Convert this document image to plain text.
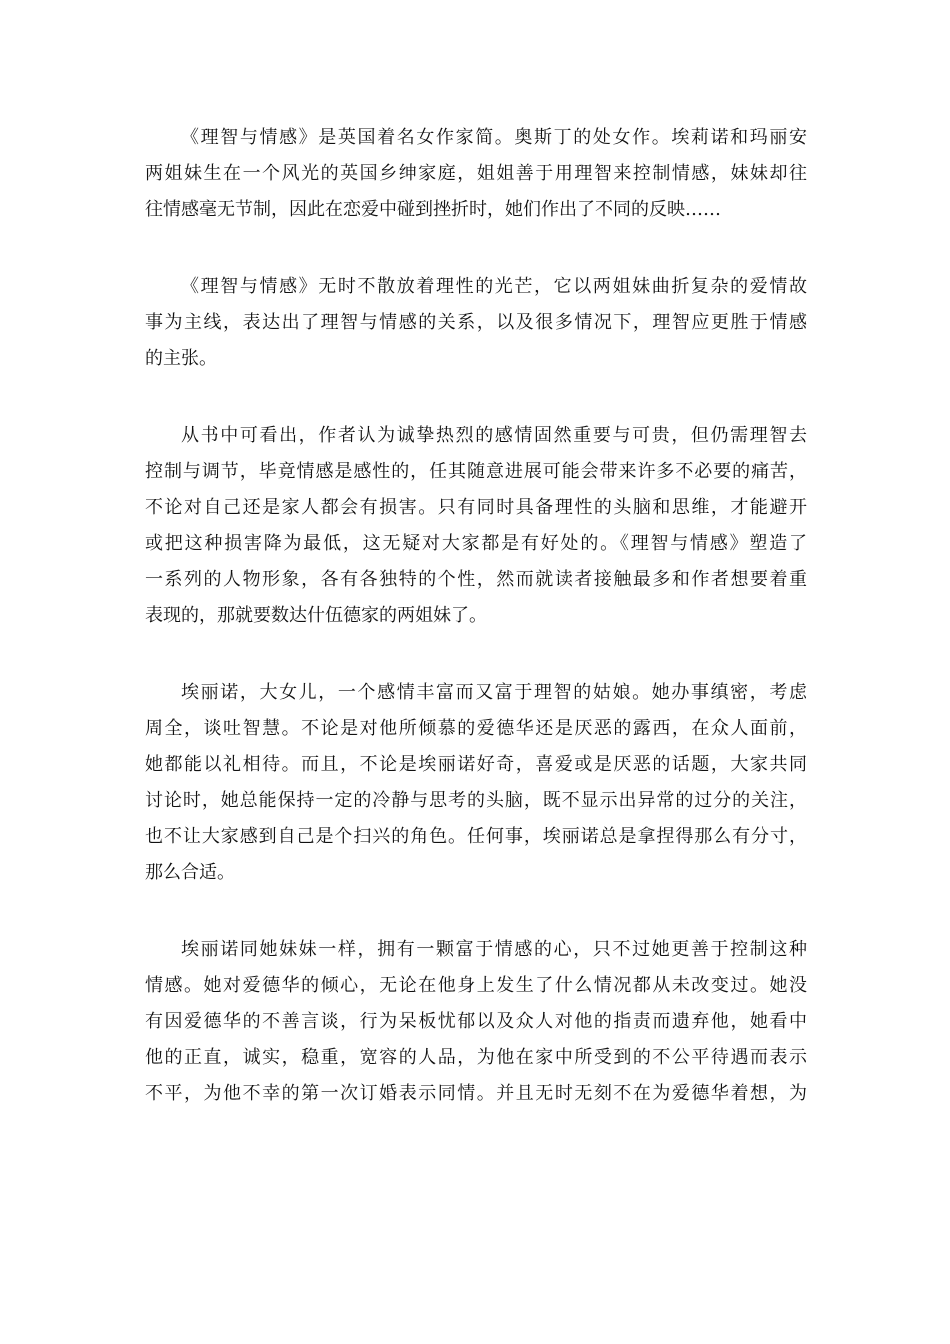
《理智与情感》是英国着名女作家简。奥斯丁的处女作。埃莉诺和玛丽安
两姐妹生在一个风光的英国乡绅家庭，姐姐善于用理智来控制情感，妹妹却往
往情感毫无节制，因此在恋爱中碰到挫折时，她们作出了不同的反映……

《理智与情感》无时不散放着理性的光芒，它以两姐妹曲折复杂的爱情故
事为主线，表达出了理智与情感的关系，以及很多情况下，理智应更胜于情感
的主张。

从书中可看出，作者认为诚挚热烈的感情固然重要与可贵，但仍需理智去
控制与调节，毕竟情感是感性的，任其随意进展可能会带来许多不必要的痛苦，
不论对自己还是家人都会有损害。只有同时具备理性的头脑和思维，才能避开
或把这种损害降为最低，这无疑对大家都是有好处的。《理智与情感》塑造了
一系列的人物形象，各有各独特的个性，然而就读者接触最多和作者想要着重
表现的，那就要数达什伍德家的两姐妹了。

埃丽诺，大女儿，一个感情丰富而又富于理智的姑娘。她办事缜密，考虑
周全，谈吐智慧。不论是对他所倾慕的爱德华还是厌恶的露西，在众人面前，
她都能以礼相待。而且，不论是埃丽诺好奇，喜爱或是厌恶的话题，大家共同
讨论时，她总能保持一定的冷静与思考的头脑，既不显示出异常的过分的关注，
也不让大家感到自己是个扫兴的角色。任何事，埃丽诺总是拿捏得那么有分寸，
那么合适。

埃丽诺同她妹妹一样，拥有一颗富于情感的心，只不过她更善于控制这种
情感。她对爱德华的倾心，无论在他身上发生了什么情况都从未改变过。她没
有因爱德华的不善言谈，行为呆板忧郁以及众人对他的指责而遗弃他，她看中
他的正直，诚实，稳重，宽容的人品，为他在家中所受到的不公平待遇而表示
不平，为他不幸的第一次订婚表示同情。并且无时无刻不在为爱德华着想，为
